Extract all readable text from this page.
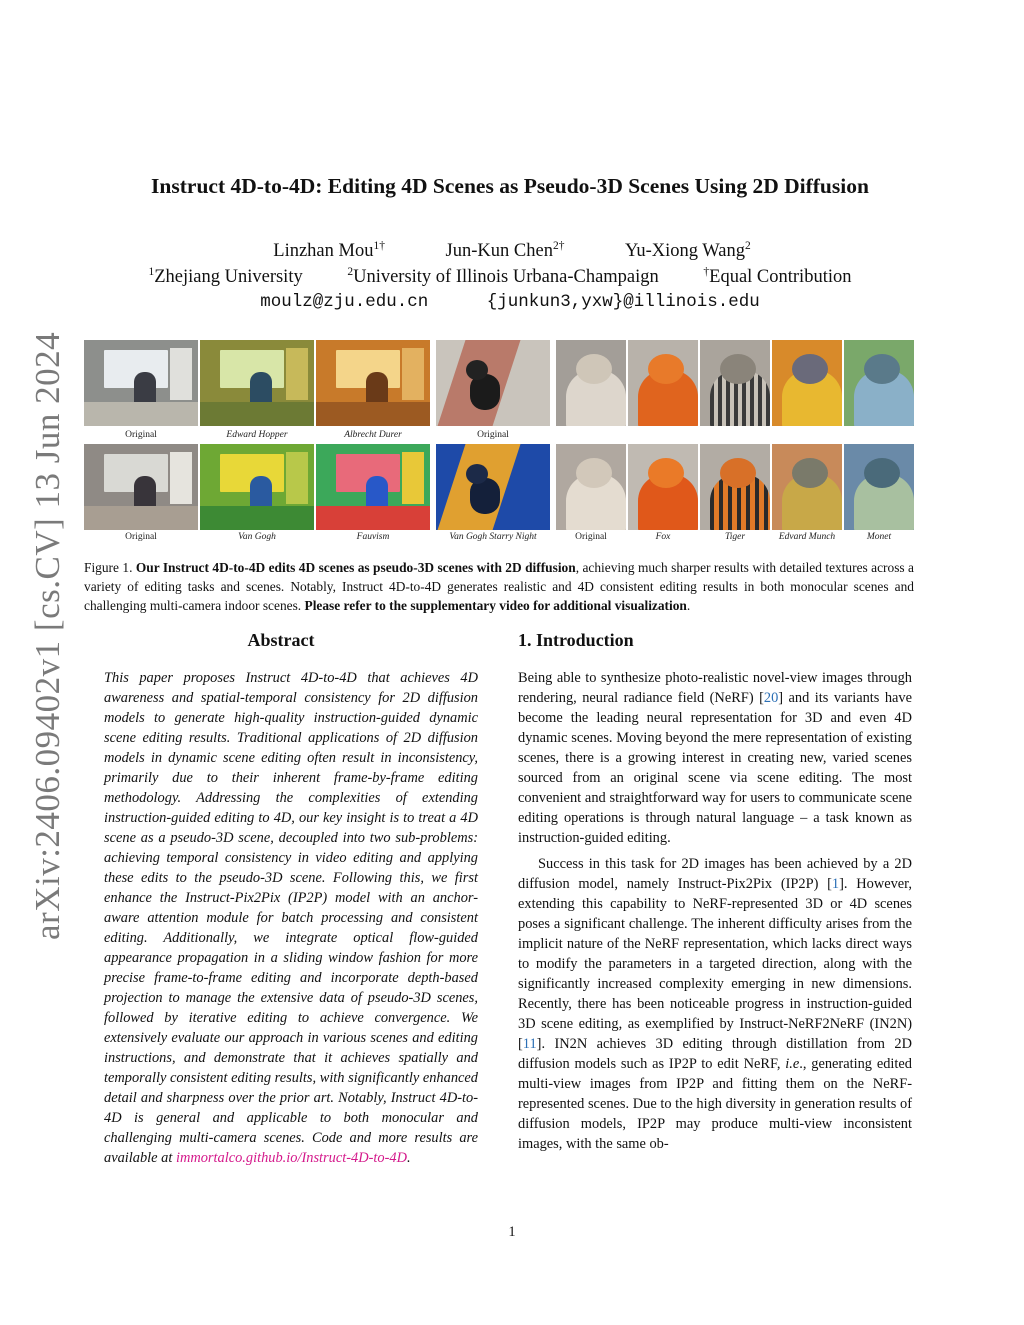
arXiv:2406.09402v1 [cs.CV] 13 Jun 2024
Instruct 4D-to-4D: Editing 4D Scenes as Pseudo-3D Scenes Using 2D Diffusion
Linzhan Mou$^{1\dagger}$	Jun-Kun Chen$^{2\dagger}$	Yu-Xiong Wang$^2$
$^1$Zhejiang University	$^2$University of Illinois Urbana-Champaign	†Equal Contribution
moulz@zju.edu.cn	{junkun3,yxw}@illinois.edu
Original	Edward Hopper	Albrecht Durer	Original
Original	Van Gogh	Fauvism	Van Gogh Starry Night	Original	Fox	Tiger	Edvard Munch	Monet
Figure 1. Our Instruct 4D-to-4D edits 4D scenes as pseudo-3D scenes with 2D diffusion, achieving much sharper results with detailed textures across a variety of editing tasks and scenes. Notably, Instruct 4D-to-4D generates realistic and 4D consistent editing results in both monocular scenes and challenging multi-camera indoor scenes. Please refer to the supplementary video for additional visualization.
Abstract	1. Introduction
This paper proposes Instruct 4D-to-4D that achieves 4D awareness and spatial-temporal consistency for 2D diffusion models to generate high-quality instruction-guided dynamic scene editing results. Traditional applications of 2D diffusion models in dynamic scene editing often result in inconsistency, primarily due to their inherent frame-by-frame editing methodology. Addressing the complexities of extending instruction-guided editing to 4D, our key insight is to treat a 4D scene as a pseudo-3D scene, decoupled into two sub-problems: achieving temporal consistency in video editing and applying these edits to the pseudo-3D scene. Following this, we first enhance the Instruct-Pix2Pix (IP2P) model with an anchor-aware attention module for batch processing and consistent editing. Additionally, we integrate optical flow-guided appearance propagation in a sliding window fashion for more precise frame-to-frame editing and incorporate depth-based projection to manage the extensive data of pseudo-3D scenes, followed by iterative editing to achieve convergence. We extensively evaluate our approach in various scenes and editing instructions, and demonstrate that it achieves spatially and temporally consistent editing results, with significantly enhanced detail and sharpness over the prior art. Notably, Instruct 4D-to-4D is general and applicable to both monocular and challenging multi-camera scenes. Code and more results are available at immortalco.github.io/Instruct-4D-to-4D.

Being able to synthesize photo-realistic novel-view images through rendering, neural radiance field (NeRF) [20] and its variants have become the leading neural representation for 3D and even 4D dynamic scenes. Moving beyond the mere representation of existing scenes, there is a growing interest in creating new, varied scenes sourced from an original scene via scene editing. The most convenient and straightforward way for users to communicate scene editing operations is through natural language – a task known as instruction-guided editing.

Success in this task for 2D images has been achieved by a 2D diffusion model, namely Instruct-Pix2Pix (IP2P) [1]. However, extending this capability to NeRF-represented 3D or 4D scenes poses a significant challenge. The inherent difficulty arises from the implicit nature of the NeRF representation, which lacks direct ways to modify the parameters in a targeted direction, along with the significantly increased complexity emerging in new dimensions. Recently, there has been noticeable progress in instruction-guided 3D scene editing, as exemplified by Instruct-NeRF2NeRF (IN2N) [11]. IN2N achieves 3D editing through distillation from 2D diffusion models such as IP2P to edit NeRF, i.e., generating edited multi-view images from IP2P and fitting them on the NeRF-represented scenes. Due to the high diversity in generation results of diffusion models, IP2P may produce multi-view inconsistent images, with the same ob-

1
